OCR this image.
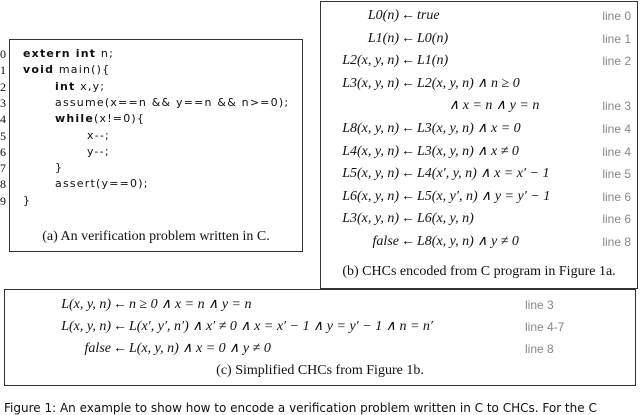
extern int n;
void main(){
int x,y;
assume(x==n && y==n && n>=0);
while(x!=0){
x--;
y--;
}
assert(y==0);
}
(a) An verification problem written in C.
0
1
2
3
4
5
6
7
8
9
L0(n) ← true	line 0
L1(n) ← L0(n)	line 1
L2(x, y, n) ← L1(n)	line 2
L3(x, y, n) ← L2(x, y, n) ∧ n ≥ 0
∧ x = n ∧ y = n	line 3
L8(x, y, n) ← L3(x, y, n) ∧ x = 0	line 4
L4(x, y, n) ← L3(x, y, n) ∧ x ≠ 0	line 4
L5(x, y, n) ← L4(x′, y, n) ∧ x = x′ − 1	line 5
L6(x, y, n) ← L5(x, y′, n) ∧ y = y′ − 1	line 6
L3(x, y, n) ← L6(x, y, n)	line 6
false ← L8(x, y, n) ∧ y ≠ 0	line 8
(b) CHCs encoded from C program in Figure 1a.
L(x, y, n) ← n ≥ 0 ∧ x = n ∧ y = n	line 3
L(x, y, n) ← L(x′, y′, n′) ∧ x′ ≠ 0 ∧ x = x′ − 1 ∧ y = y′ − 1 ∧ n = n′	line 4-7
false ← L(x, y, n) ∧ x = 0 ∧ y ≠ 0	line 8
(c) Simplified CHCs from Figure 1b.
Figure 1: An example to show how to encode a verification problem written in C to CHCs. For the C
